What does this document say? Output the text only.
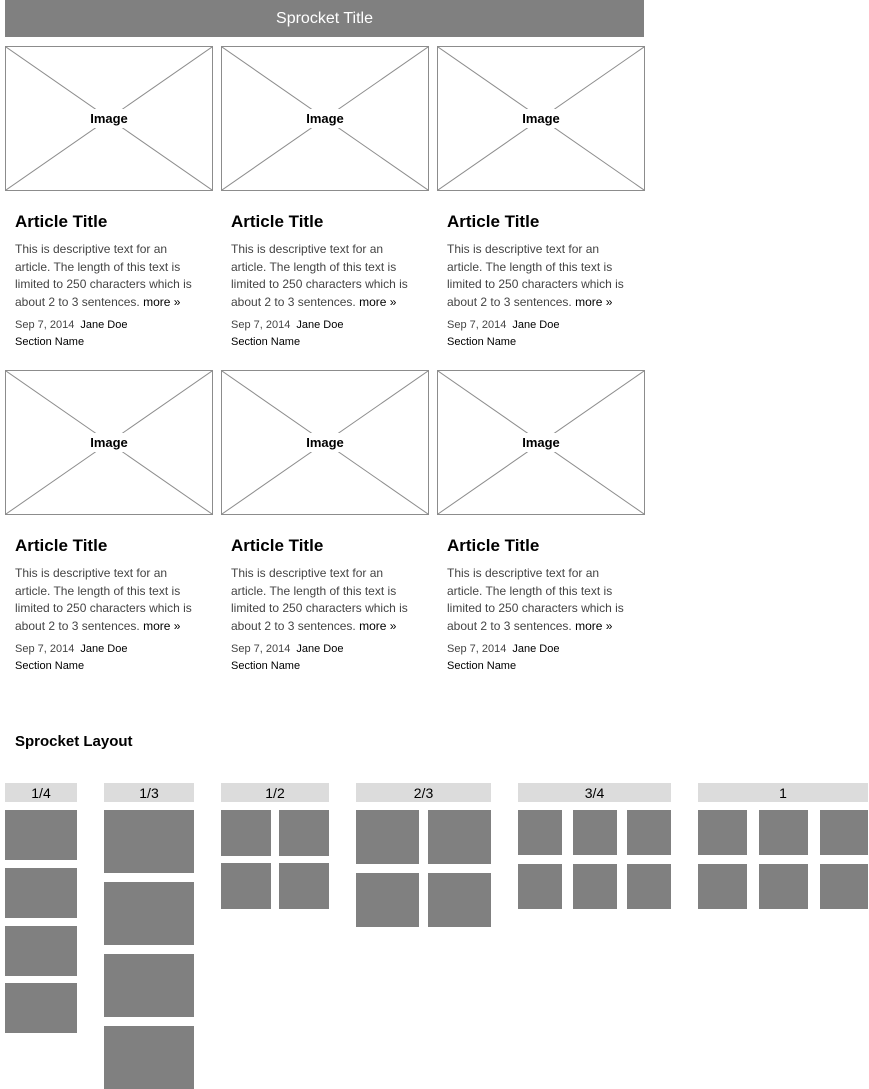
Sprocket Title
Image
Article Title
This is descriptive text for an article. The length of this text is limited to 250 characters which is about 2 to 3 sentences. more »
Sep 7, 2014 Jane Doe
Section Name
Image
Article Title
This is descriptive text for an article. The length of this text is limited to 250 characters which is about 2 to 3 sentences. more »
Sep 7, 2014 Jane Doe
Section Name
Image
Article Title
This is descriptive text for an article. The length of this text is limited to 250 characters which is about 2 to 3 sentences. more »
Sep 7, 2014 Jane Doe
Section Name
Image
Article Title
This is descriptive text for an article. The length of this text is limited to 250 characters which is about 2 to 3 sentences. more »
Sep 7, 2014 Jane Doe
Section Name
Image
Article Title
This is descriptive text for an article. The length of this text is limited to 250 characters which is about 2 to 3 sentences. more »
Sep 7, 2014 Jane Doe
Section Name
Image
Article Title
This is descriptive text for an article. The length of this text is limited to 250 characters which is about 2 to 3 sentences. more »
Sep 7, 2014 Jane Doe
Section Name
Sprocket Layout
1/4	1/3	1/2	2/3	3/4	1
